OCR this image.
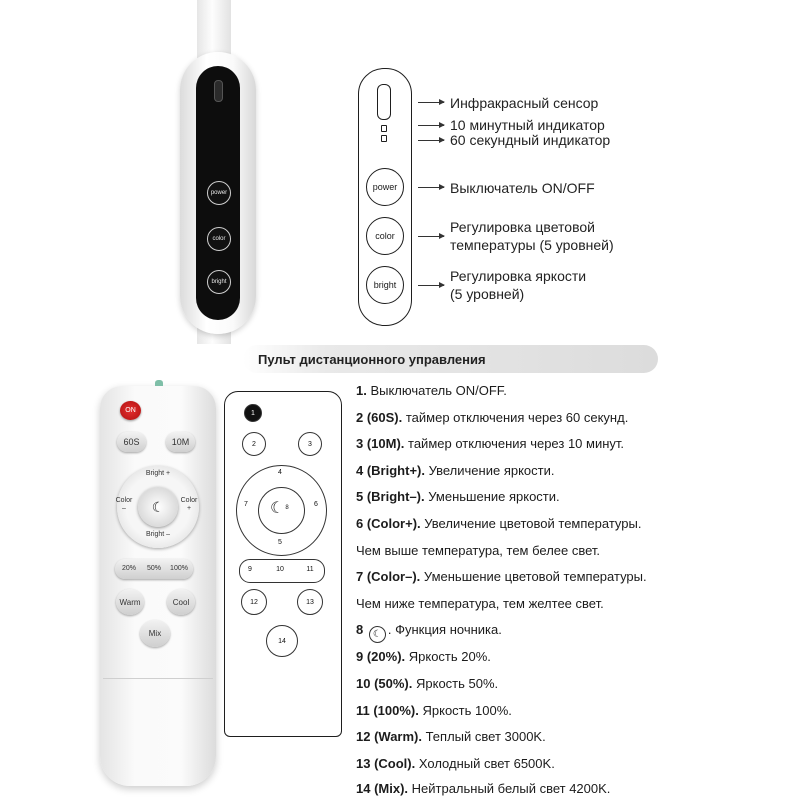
power
color
bright
power
color
bright
Инфракрасный сенсор
10 минутный индикатор
60 секундный индикатор
Выключатель ON/OFF
Регулировка цветовой
температуры (5 уровней)
Регулировка яркости
(5 уровней)
Пульт дистанционного управления
ON
60S	10M
Bright +
Bright –
Color
–
Color
+
☾
20%	50%	100%
Warm	Cool
Mix
1
2	3
4
5
6
7	☾ 8
9	10	11
12	13
14
1. Выключатель ON/OFF.
2 (60S). таймер отключения через 60 секунд.
3 (10M). таймер отключения через 10 минут.
4 (Bright+). Увеличение яркости.
5 (Bright–). Уменьшение яркости.
6 (Color+). Увеличение цветовой температуры.
Чем выше температура, тем белее свет.
7 (Color–). Уменьшение цветовой температуры.
Чем ниже температура, тем желтее свет.
8 ☾ . Функция ночника.
9 (20%). Яркость 20%.
10 (50%). Яркость 50%.
11 (100%). Яркость 100%.
12 (Warm). Теплый свет 3000K.
13 (Cool). Холодный свет 6500K.
14 (Mix). Нейтральный белый свет 4200K.
